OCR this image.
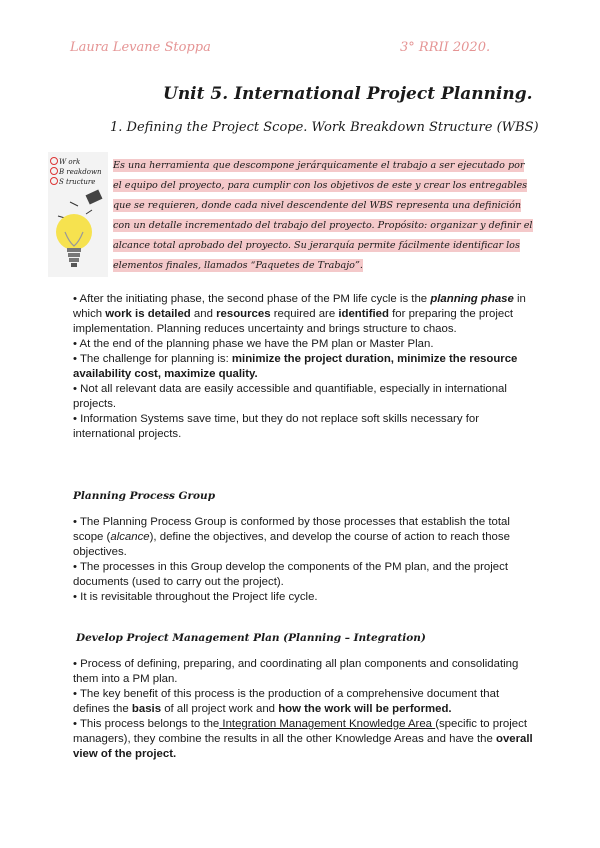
Laura Levane Stoppa	3° RRII 2020.
Unit 5. International Project Planning.
1. Defining the Project Scope. Work Breakdown Structure (WBS)
W ork
B reakdown
S tructure
Es una herramienta que descompone jerárquicamente el trabajo a ser ejecutado por el equipo del proyecto, para cumplir con los objetivos de este y crear los entregables que se requieren, donde cada nivel descendente del WBS representa una definición con un detalle incrementado del trabajo del proyecto. Propósito: organizar y definir el alcance total aprobado del proyecto. Su jerarquía permite fácilmente identificar los elementos finales, llamados “Paquetes de Trabajo”.

• After the initiating phase, the second phase of the PM life cycle is the planning phase in which work is detailed and resources required are identified for preparing the project implementation. Planning reduces uncertainty and brings structure to chaos.

• At the end of the planning phase we have the PM plan or Master Plan.

• The challenge for planning is: minimize the project duration, minimize the resource availability cost, maximize quality.

• Not all relevant data are easily accessible and quantifiable, especially in international projects.

• Information Systems save time, but they do not replace soft skills necessary for international projects.

Planning Process Group

• The Planning Process Group is conformed by those processes that establish the total scope (alcance), define the objectives, and develop the course of action to reach those objectives.

• The processes in this Group develop the components of the PM plan, and the project documents (used to carry out the project).

• It is revisitable throughout the Project life cycle.

Develop Project Management Plan (Planning – Integration)

• Process of defining, preparing, and coordinating all plan components and consolidating them into a PM plan.

• The key benefit of this process is the production of a comprehensive document that defines the basis of all project work and how the work will be performed.

• This process belongs to the Integration Management Knowledge Area (specific to project managers), they combine the results in all the other Knowledge Areas and have the overall view of the project.
